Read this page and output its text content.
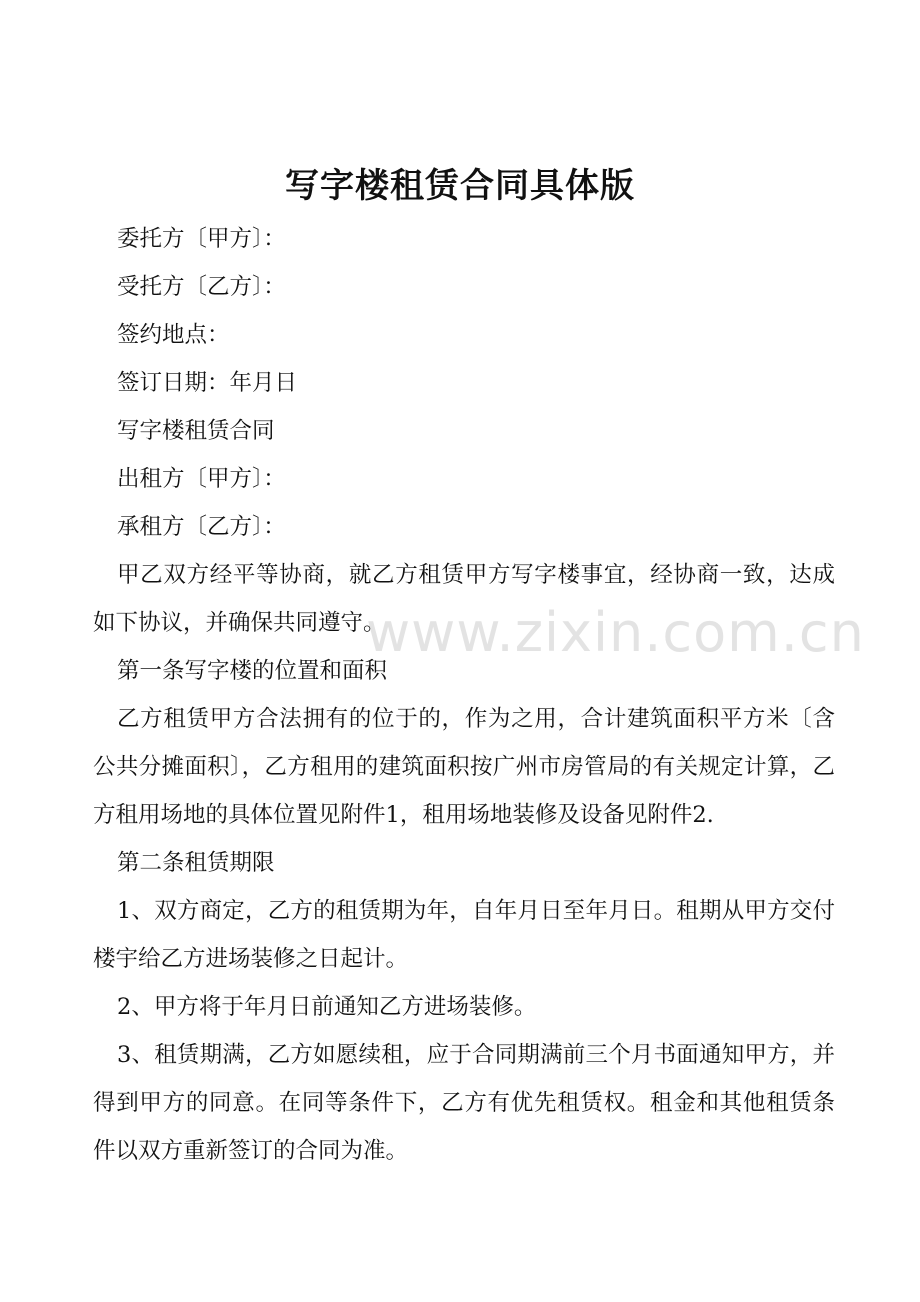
www.zixin.com.cn
写字楼租赁合同具体版

委托方〔甲方〕：

受托方〔乙方〕：

签约地点：

签订日期：年月日

写字楼租赁合同

出租方〔甲方〕：

承租方〔乙方〕：

甲乙双方经平等协商，就乙方租赁甲方写字楼事宜，经协商一致，达成如下协议，并确保共同遵守。

第一条写字楼的位置和面积

乙方租赁甲方合法拥有的位于的，作为之用，合计建筑面积平方米〔含公共分摊面积〕，乙方租用的建筑面积按广州市房管局的有关规定计算，乙方租用场地的具体位置见附件1，租用场地装修及设备见附件2.

第二条租赁期限

1、双方商定，乙方的租赁期为年，自年月日至年月日。租期从甲方交付楼宇给乙方进场装修之日起计。

2、甲方将于年月日前通知乙方进场装修。

3、租赁期满，乙方如愿续租，应于合同期满前三个月书面通知甲方，并得到甲方的同意。在同等条件下，乙方有优先租赁权。租金和其他租赁条件以双方重新签订的合同为准。
